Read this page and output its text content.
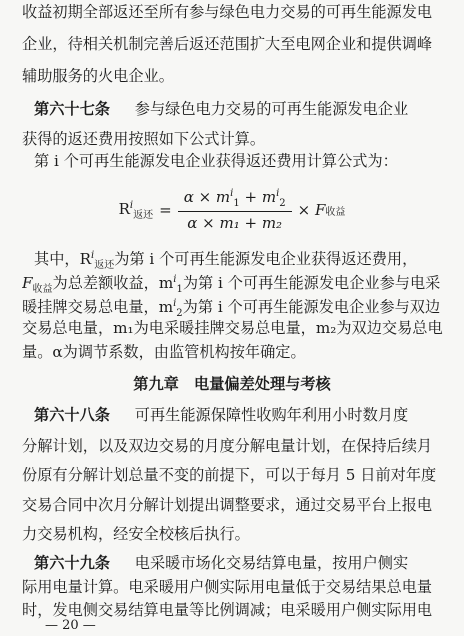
收益初期全部返还至所有参与绿色电力交易的可再生能源发电
企业，待相关机制完善后返还范围扩大至电网企业和提供调峰
辅助服务的火电企业。
第六十七条 参与绿色电力交易的可再生能源发电企业
获得的返还费用按照如下公式计算。
第 i 个可再生能源发电企业获得返还费用计算公式为：
$R^i_{返还} = \frac{\alpha \times m^i_1 + m^i_2}{\text{α × m₁ + m₂}} \times F$ 收益
其中，$R^i_{返还}$为第 i 个可再生能源发电企业获得返还费用，
$F_{收益}$为总差额收益，$m^i_1$为第 i 个可再生能源发电企业参与电采
暖挂牌交易总电量，$m^i_2$为第 i 个可再生能源发电企业参与双边
交易总电量，m₁为电采暖挂牌交易总电量，m₂为双边交易总电
量。α为调节系数，由监管机构按年确定。
第九章　电量偏差处理与考核
第六十八条 可再生能源保障性收购年利用小时数月度
分解计划，以及双边交易的月度分解电量计划，在保持后续月
份原有分解计划总量不变的前提下，可以于每月 5 日前对年度
交易合同中次月分解计划提出调整要求，通过交易平台上报电
力交易机构，经安全校核后执行。
第六十九条 电采暖市场化交易结算电量，按用户侧实
际用电量计算。电采暖用户侧实际用电量低于交易结果总电量
时，发电侧交易结算电量等比例调减；电采暖用户侧实际用电
— 20 —
